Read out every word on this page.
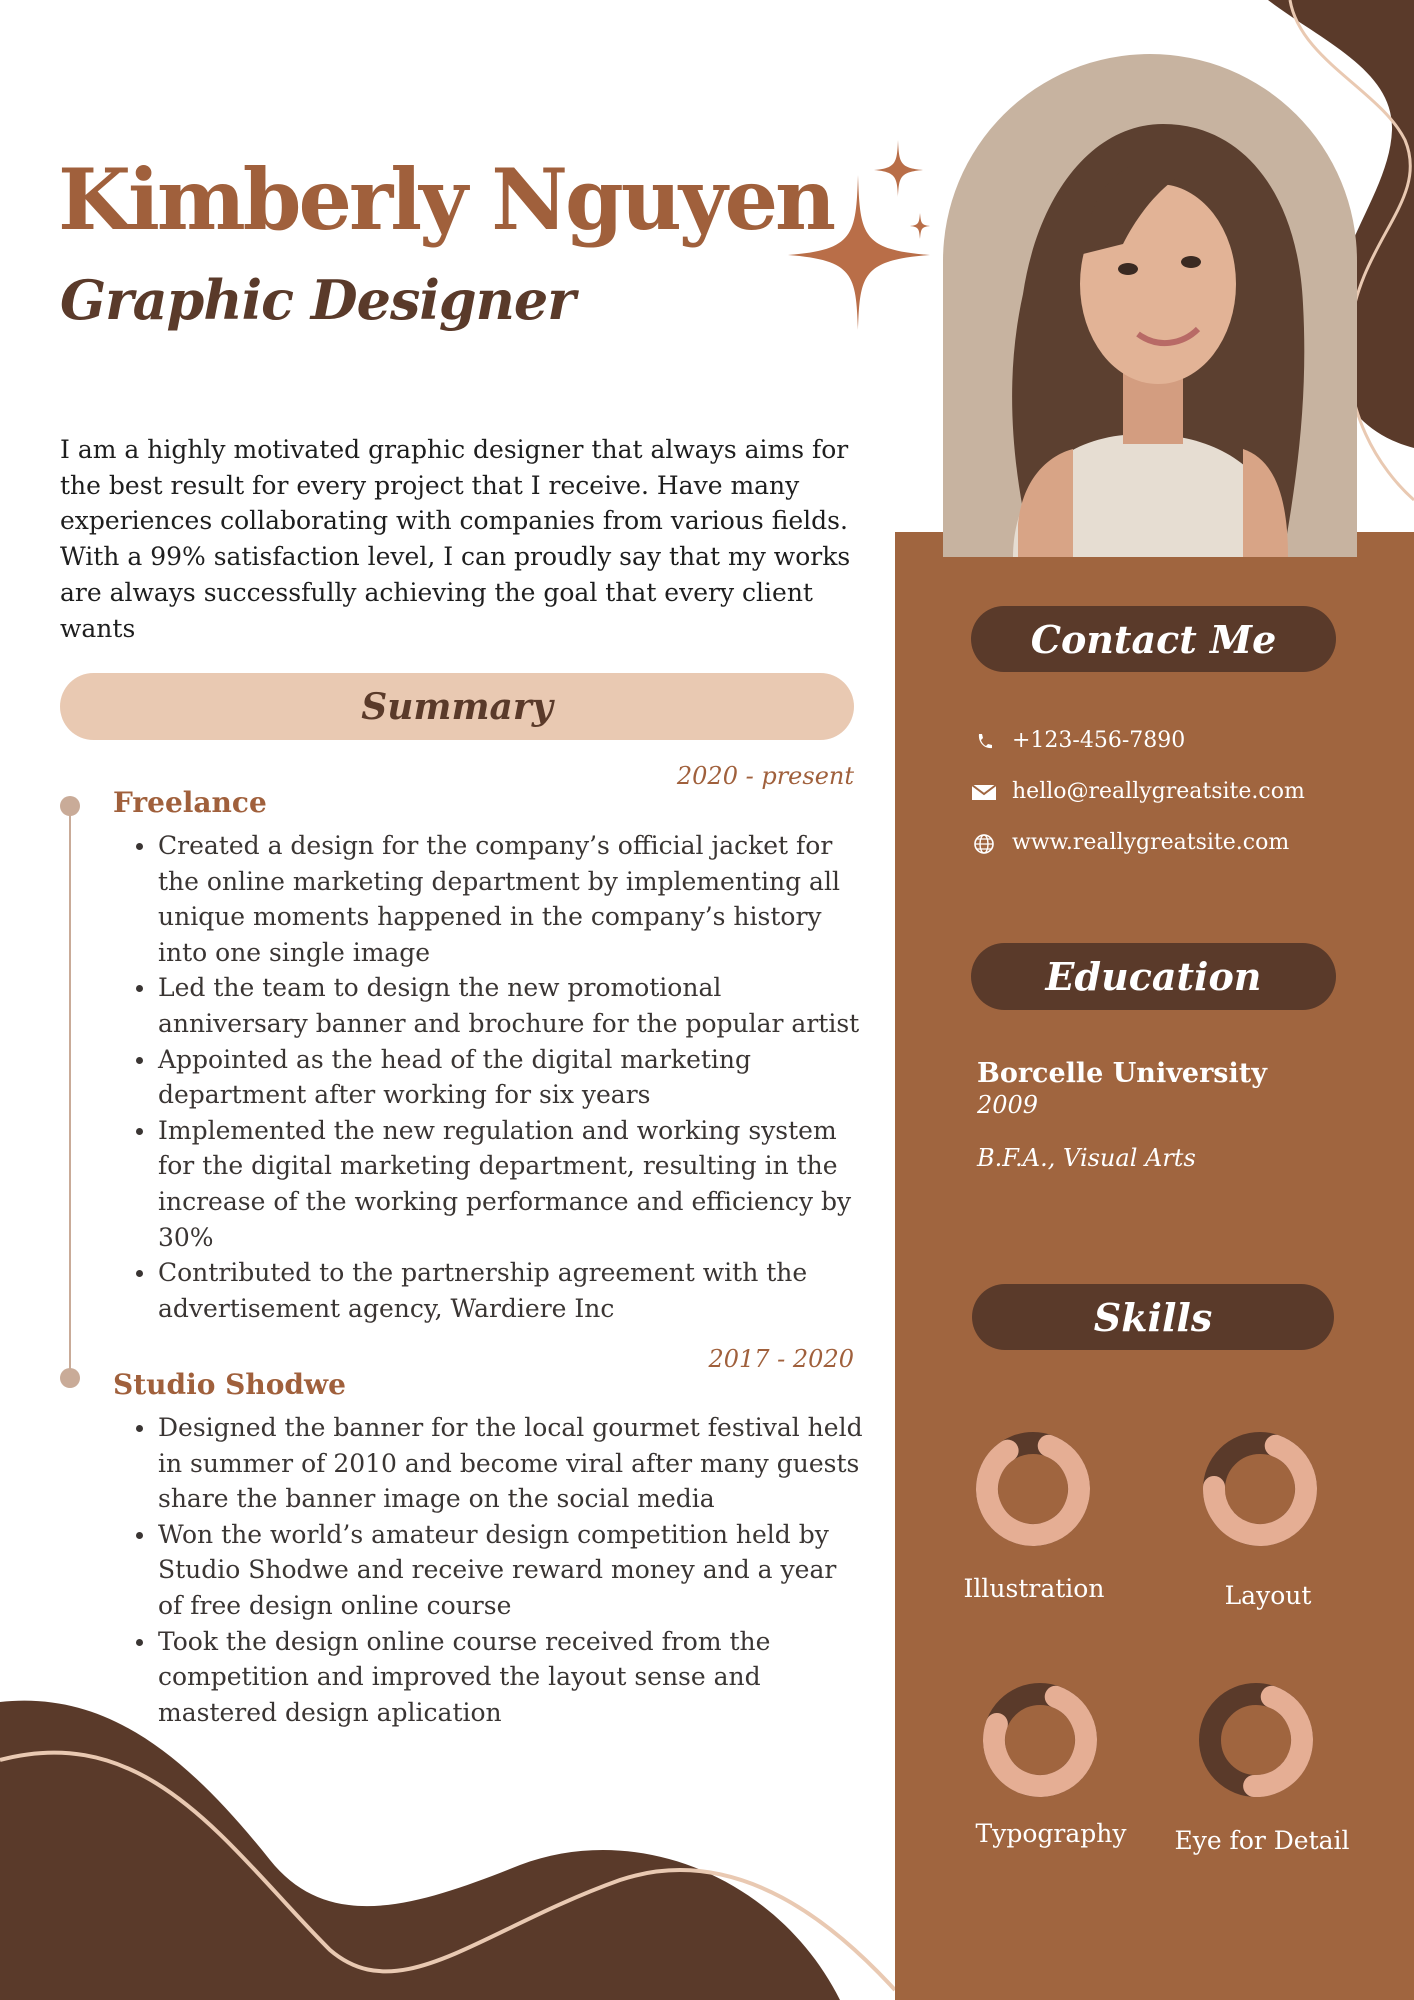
Kimberly Nguyen
Graphic Designer

I am a highly motivated graphic designer that always aims for the best result for every project that I receive. Have many experiences collaborating with companies from various fields. With a 99% satisfaction level, I can proudly say that my works are always successfully achieving the goal that every client wants

Summary
2020 - present
Freelance
Created a design for the company’s official jacket for the online marketing department by implementing all unique moments happened in the company’s history into one single image
Led the team to design the new promotional anniversary banner and brochure for the popular artist
Appointed as the head of the digital marketing department after working for six years
Implemented the new regulation and working system for the digital marketing department, resulting in the increase of the working performance and efficiency by 30%
Contributed to the partnership agreement with the advertisement agency, Wardiere Inc
2017 - 2020
Studio Shodwe
Designed the banner for the local gourmet festival held in summer of 2010 and become viral after many guests share the banner image on the social media
Won the world’s amateur design competition held by Studio Shodwe and receive reward money and a year of free design online course
Took the design online course received from the competition and improved the layout sense and mastered design aplication
Contact Me
+123-456-7890
hello@reallygreatsite.com
www.reallygreatsite.com
Education
Borcelle University
2009
B.F.A., Visual Arts
Skills
Illustration	Layout
Typography Eye for Detail
